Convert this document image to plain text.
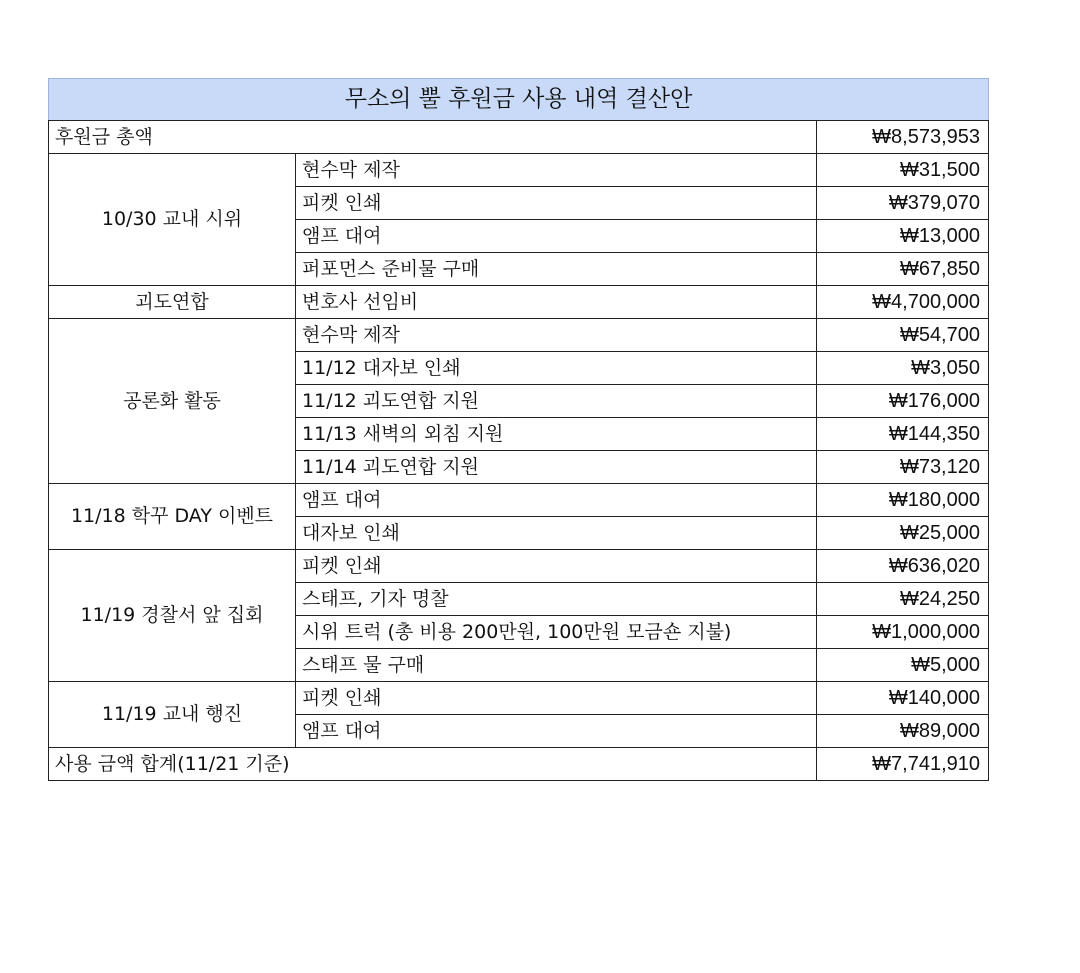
무소의 뿔 후원금 사용 내역 결산안		
후원금 총액		₩8,573,953
10/30 교내 시위	현수막 제작	₩31,500
	피켓 인쇄	₩379,070
	앰프 대여	₩13,000
	퍼포먼스 준비물 구매	₩67,850
괴도연합	변호사 선임비	₩4,700,000
공론화 활동	현수막 제작	₩54,700
	11/12 대자보 인쇄	₩3,050
	11/12 괴도연합 지원	₩176,000
	11/13 새벽의 외침 지원	₩144,350
	11/14 괴도연합 지원	₩73,120
11/18 학꾸 DAY 이벤트	앰프 대여	₩180,000
	대자보 인쇄	₩25,000
11/19 경찰서 앞 집회	피켓 인쇄	₩636,020
	스태프, 기자 명찰	₩24,250
	시위 트럭 (총 비용 200만원, 100만원 모금숀 지불)	₩1,000,000
	스태프 물 구매	₩5,000
11/19 교내 행진	피켓 인쇄	₩140,000
	앰프 대여	₩89,000
사용 금액 합계(11/21 기준)		₩7,741,910
